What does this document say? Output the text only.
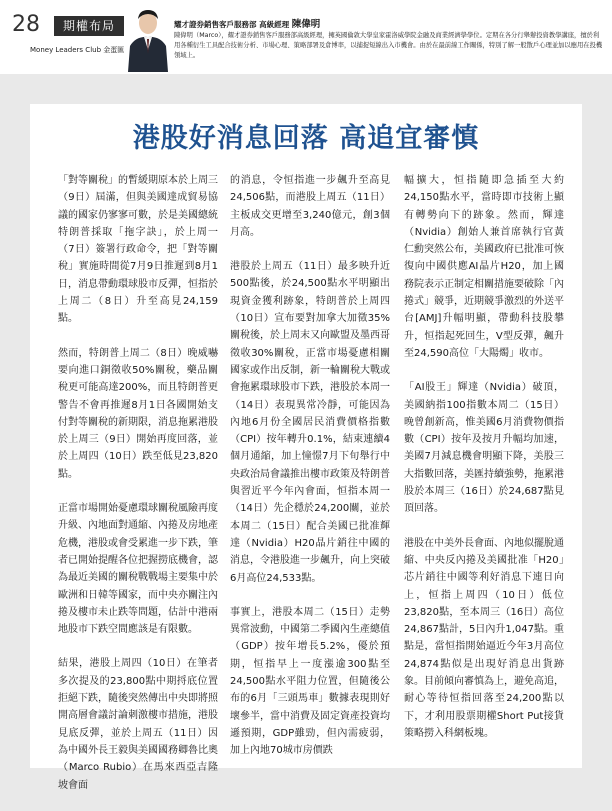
28	期權布局
Money Leaders Club 金蛋匯
耀才證券銷售客戶服務部 高級經理 陳偉明
陳偉明（Marco），耀才證券銷售客戶服務部高級經理，擁英國倫敦大學皇家霍洛威學院金融及商業經濟學學位。定期在各分行舉辦投資教學講座，擅於利用各種衍生工具配合技術分析、市場心理、策略部署及倉博率，以捕捉短線出入市機會。由於在最前線工作關係，特別了解一般散戶心理並加以應用在投機領域上。
港股好消息回落 高追宜審慎

「對等關稅」的暫緩期原本於上周三（9日）屆滿，但與美國達成貿易協議的國家仍寥寥可數，於是美國總統特朗普採取「拖字訣」，於上周一（7日）簽署行政命令，把「對等關稅」實施時間從7月9日推遲到8月1日，消息帶動環球股市反彈，恒指於上周二（8日）升至高見24,159點。

然而，特朗普上周二（8日）晚威嚇要向進口銅徵收50%關稅，藥品關稅更可能高達200%，而且特朗普更警告不會再推遲8月1日各國開始支付對等關稅的新期限，消息拖累港股於上周三（9日）開始再度回落，並於上周四（10日）跌至低見23,820點。

正當市場開始憂慮環球關稅風險再度升級、內地面對通縮、內捲及房地產危機，港股或會受累進一步下跌，筆者已開始提醒各位把握撈底機會，認為最近美國的關稅戰戰場主要集中於歐洲和日韓等國家，而中央亦關注內捲及樓市未止跌等問題，估計中港兩地股市下跌空間應該是有限數。

結果，港股上周四（10日）在筆者多次提及的23,800點中期捋底位置拒絕下跌，隨後突然傳出中央即將照開高層會議討論刺激樓市措施，港股見底反彈，並於上周五（11日）因為中國外長王毅與美國國務卿魯比奧（Marco Rubio）在馬來西亞吉隆坡會面

的消息，令恒指進一步飆升至高見24,506點，而港股上周五（11日）主板成交更增至3,240億元，創3個月高。

港股於上周五（11日）最多映升近500點後，於24,500點水平明顯出現資金獲利跡象，特朗普於上周四（10日）宣布要對加拿大加徵35%關稅後，於上周末又向歐盟及墨西哥徵收30%關稅，正當市場憂慮相關國家或作出反制，新一輪關稅大戰或會拖累環球股市下跌，港股於本周一（14日）表現異常冷靜，可能因為內地6月份全國居民消費價格指數（CPI）按年轉升0.1%，結束連續4個月通縮，加上憧憬7月下旬舉行中央政治局會議推出樓市政策及特朗普與習近平今年內會面，恒指本周一（14日）先企穩於24,200關，並於本周二（15日）配合美國已批准輝達（Nvidia）H20晶片銷往中國的消息，令港股進一步飆升，向上突破6月高位24,533點。

事實上，港股本周二（15日）走勢異常波動，中國第二季國內生產總值（GDP）按年增長5.2%，優於預期，恒指早上一度漲逾300點至24,500點水平阻力位置，但隨後公布的6月「三頭馬車」數據表現則好壞參半，當中消費及固定資產投資均遜預期，GDP雖勁，但內需疲弱，加上內地70城市房價跌

幅擴大，恒指隨即急插至大約24,150點水平，當時即市技術上顯有轉勢向下的跡象。然而，輝達（Nvidia）創始人兼首席執行官黃仁勳突然公布，美國政府已批准可恢復向中國供應AI晶片H20，加上國務院表示正制定相關措施要破除「內捲式」競爭，近期競爭激烈的外送平台[AMJ]升幅明顯，帶動科技股攀升，恒指起死回生，V型反彈，飆升至24,590高位「大陽燭」收市。

「AI股王」輝達（Nvidia）破頂，美國納指100指數本周二（15日）晚曾創新高，惟美國6月消費物價指數（CPI）按年及按月升幅均加速，美國7月減息機會明顯下降，美股三大指數回落，美匯持續強勢，拖累港股於本周三（16日）於24,687點見頂回落。

港股在中美外長會面、內地似擺脫通縮、中央反內捲及美國批准「H20」芯片銷往中國等利好消息下連日向上，恒指上周四（10日）低位23,820點，至本周三（16日）高位24,867點計，5日內升1,047點。重點是，當恒指開始逼近今年3月高位24,874點似是出現好消息出貨跡象。目前傾向審慎為上，避免高追，耐心等待恒指回落至24,200點以下，才利用股票期權Short Put接貨策略撈入科網板塊。
